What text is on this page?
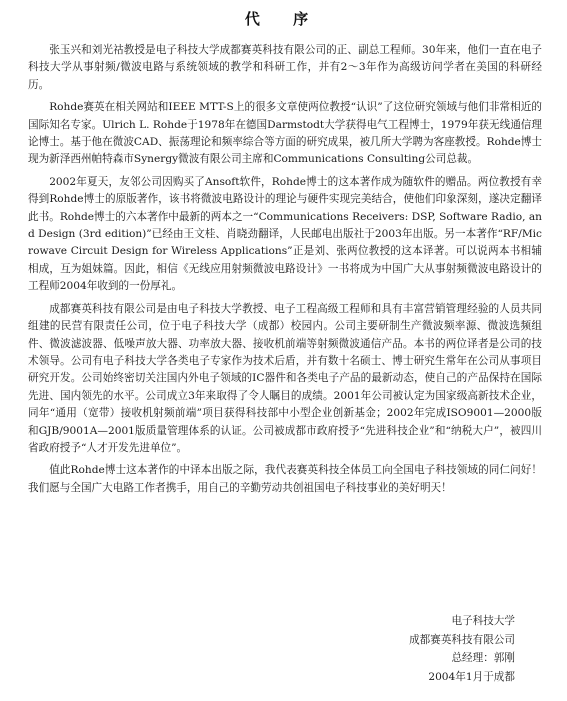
代 序

张玉兴和刘光祜教授是电子科技大学成都赛英科技有限公司的正、副总工程师。30年来，他们一直在电子科技大学从事射频/微波电路与系统领域的教学和科研工作，并有2～3年作为高级访问学者在美国的科研经历。

Rohde赛英在相关网站和IEEE MTT-S上的很多文章使两位教授“认识”了这位研究领域与他们非常相近的国际知名专家。Ulrich L. Rohde于1978年在德国Darmstodt大学获得电气工程博士，1979年获无线通信理论博士。基于他在微波CAD、振荡理论和频率综合等方面的研究成果，被几所大学聘为客座教授。Rohde博士现为新泽西州帕特森市Synergy微波有限公司主席和Communications Consulting公司总裁。

2002年夏天，友邻公司因购买了Ansoft软件，Rohde博士的这本著作成为随软件的赠品。两位教授有幸得到Rohde博士的原版著作，该书将微波电路设计的理论与硬件实现完美结合，使他们印象深刻，遂决定翻译此书。Rohde博士的六本著作中最新的两本之一“Communications Receivers: DSP, Software Radio, and Design (3rd edition)”已经由王文桂、肖晓劲翻译，人民邮电出版社于2003年出版。另一本著作“RF/Microwave Circuit Design for Wireless Applications”正是刘、张两位教授的这本译著。可以说两本书相辅相成，互为姐妹篇。因此，相信《无线应用射频微波电路设计》一书将成为中国广大从事射频微波电路设计的工程师2004年收到的一份厚礼。

成都赛英科技有限公司是由电子科技大学教授、电子工程高级工程师和具有丰富营销管理经验的人员共同组建的民营有限责任公司，位于电子科技大学（成都）校园内。公司主要研制生产微波频率源、微波选频组件、微波滤波器、低噪声放大器、功率放大器、接收机前端等射频微波通信产品。本书的两位译者是公司的技术领导。公司有电子科技大学各类电子专家作为技术后盾，并有数十名硕士、博士研究生常年在公司从事项目研究开发。公司始终密切关注国内外电子领域的IC器件和各类电子产品的最新动态，使自己的产品保持在国际先进、国内领先的水平。公司成立3年来取得了令人瞩目的成绩。2001年公司被认定为国家级高新技术企业，同年“通用（宽带）接收机射频前端”项目获得科技部中小型企业创新基金；2002年完成ISO9001—2000版和GJB/9001A—2001版质量管理体系的认证。公司被成都市政府授予“先进科技企业”和“纳税大户”，被四川省政府授予“人才开发先进单位”。

值此Rohde博士这本著作的中译本出版之际，我代表赛英科技全体员工向全国电子科技领域的同仁问好！我们愿与全国广大电路工作者携手，用自己的辛勤劳动共创祖国电子科技事业的美好明天！

电子科技大学
成都赛英科技有限公司
总经理：郭刚
2004年1月于成都
